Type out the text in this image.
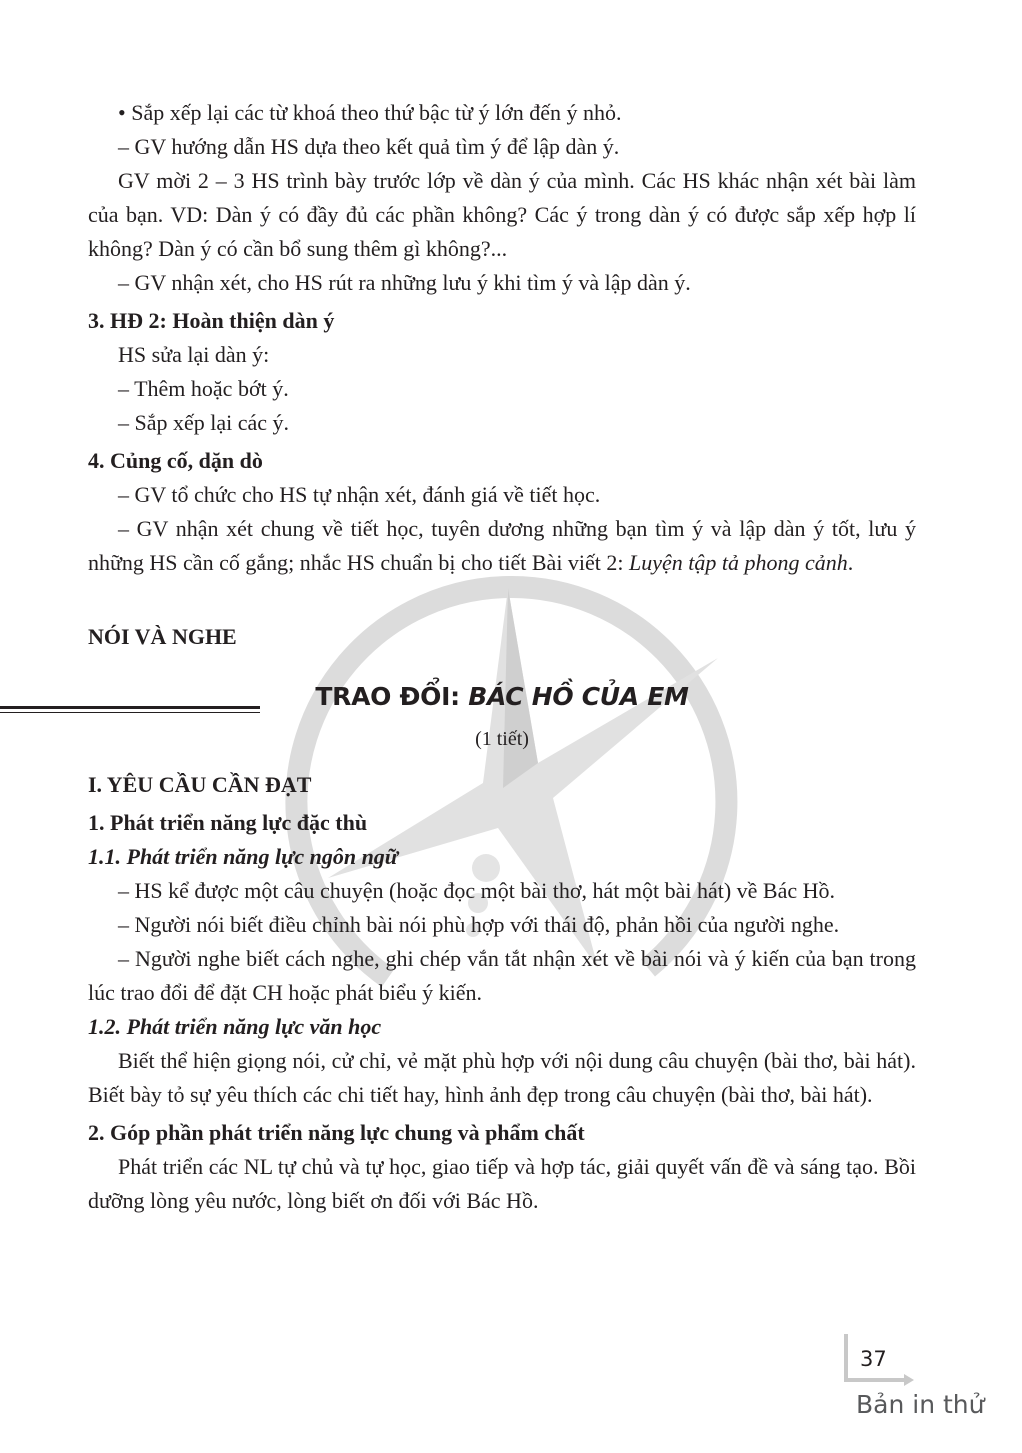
• Sắp xếp lại các từ khoá theo thứ bậc từ ý lớn đến ý nhỏ.

– GV hướng dẫn HS dựa theo kết quả tìm ý để lập dàn ý.

GV mời 2 – 3 HS trình bày trước lớp về dàn ý của mình. Các HS khác nhận xét bài làm của bạn. VD: Dàn ý có đầy đủ các phần không? Các ý trong dàn ý có được sắp xếp hợp lí không? Dàn ý có cần bổ sung thêm gì không?...

– GV nhận xét, cho HS rút ra những lưu ý khi tìm ý và lập dàn ý.

3. HĐ 2: Hoàn thiện dàn ý

HS sửa lại dàn ý:

– Thêm hoặc bớt ý.

– Sắp xếp lại các ý.

4. Củng cố, dặn dò

– GV tổ chức cho HS tự nhận xét, đánh giá về tiết học.

– GV nhận xét chung về tiết học, tuyên dương những bạn tìm ý và lập dàn ý tốt, lưu ý những HS cần cố gắng; nhắc HS chuẩn bị cho tiết Bài viết 2: Luyện tập tả phong cảnh.

NÓI VÀ NGHE
TRAO ĐỔI: BÁC HỒ CỦA EM
(1 tiết)

I. YÊU CẦU CẦN ĐẠT

1. Phát triển năng lực đặc thù

1.1. Phát triển năng lực ngôn ngữ

– HS kể được một câu chuyện (hoặc đọc một bài thơ, hát một bài hát) về Bác Hồ.

– Người nói biết điều chỉnh bài nói phù hợp với thái độ, phản hồi của người nghe.

– Người nghe biết cách nghe, ghi chép vắn tắt nhận xét về bài nói và ý kiến của bạn trong lúc trao đổi để đặt CH hoặc phát biểu ý kiến.

1.2. Phát triển năng lực văn học

Biết thể hiện giọng nói, cử chỉ, vẻ mặt phù hợp với nội dung câu chuyện (bài thơ, bài hát). Biết bày tỏ sự yêu thích các chi tiết hay, hình ảnh đẹp trong câu chuyện (bài thơ, bài hát).

2. Góp phần phát triển năng lực chung và phẩm chất

Phát triển các NL tự chủ và tự học, giao tiếp và hợp tác, giải quyết vấn đề và sáng tạo. Bồi dưỡng lòng yêu nước, lòng biết ơn đối với Bác Hồ.

37
Bản in thử
